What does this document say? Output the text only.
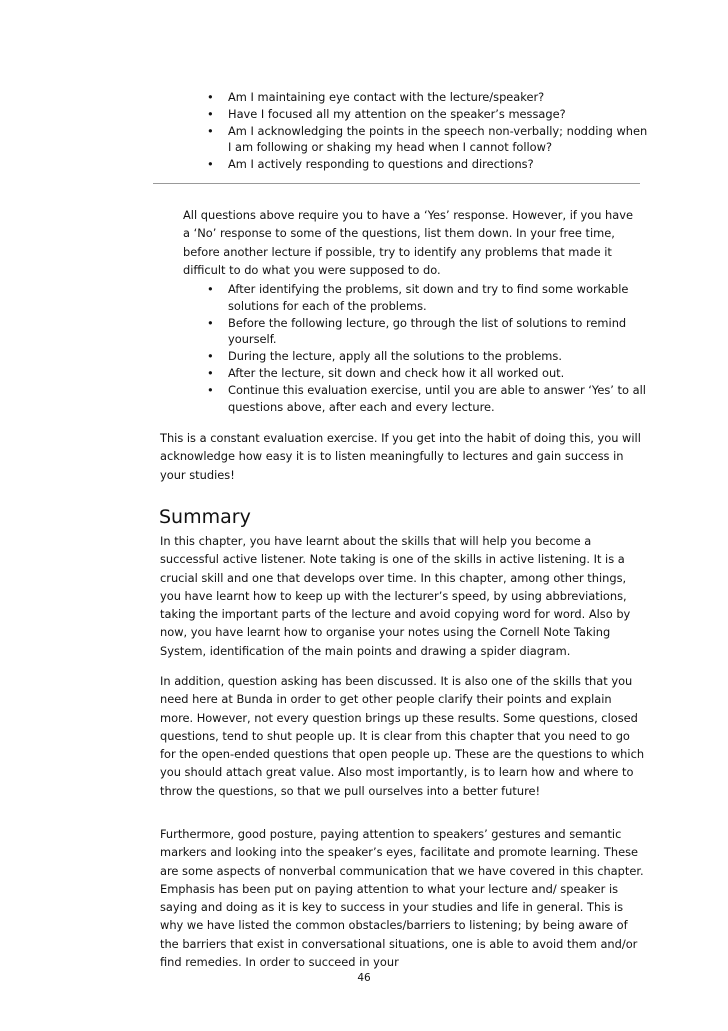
• Am I maintaining eye contact with the lecture/speaker?
• Have I focused all my attention on the speaker’s message?
• Am I acknowledging the points in the speech non-verbally; nodding when I am following or shaking my head when I cannot follow?
• Am I actively responding to questions and directions?

All questions above require you to have a ‘Yes’ response. However, if you have a ‘No’ response to some of the questions, list them down. In your free time, before another lecture if possible, try to identify any problems that made it difficult to do what you were supposed to do.

• After identifying the problems, sit down and try to find some workable solutions for each of the problems.
• Before the following lecture, go through the list of solutions to remind yourself.
• During the lecture, apply all the solutions to the problems.
• After the lecture, sit down and check how it all worked out.
• Continue this evaluation exercise, until you are able to answer ‘Yes’ to all questions above, after each and every lecture.

This is a constant evaluation exercise. If you get into the habit of doing this, you will acknowledge how easy it is to listen meaningfully to lectures and gain success in your studies!

Summary

In this chapter, you have learnt about the skills that will help you become a successful active listener. Note taking is one of the skills in active listening. It is a crucial skill and one that develops over time. In this chapter, among other things, you have learnt how to keep up with the lecturer’s speed, by using abbreviations, taking the important parts of the lecture and avoid copying word for word. Also by now, you have learnt how to organise your notes using the Cornell Note Taking System, identification of the main points and drawing a spider diagram.

In addition, question asking has been discussed. It is also one of the skills that you need here at Bunda in order to get other people clarify their points and explain more. However, not every question brings up these results. Some questions, closed questions, tend to shut people up. It is clear from this chapter that you need to go for the open-ended questions that open people up. These are the questions to which you should attach great value. Also most importantly, is to learn how and where to throw the questions, so that we pull ourselves into a better future!

Furthermore, good posture, paying attention to speakers’ gestures and semantic markers and looking into the speaker’s eyes, facilitate and promote learning. These are some aspects of nonverbal communication that we have covered in this chapter. Emphasis has been put on paying attention to what your lecture and/ speaker is saying and doing as it is key to success in your studies and life in general. This is why we have listed the common obstacles/barriers to listening; by being aware of the barriers that exist in conversational situations, one is able to avoid them and/or find remedies. In order to succeed in your

46
